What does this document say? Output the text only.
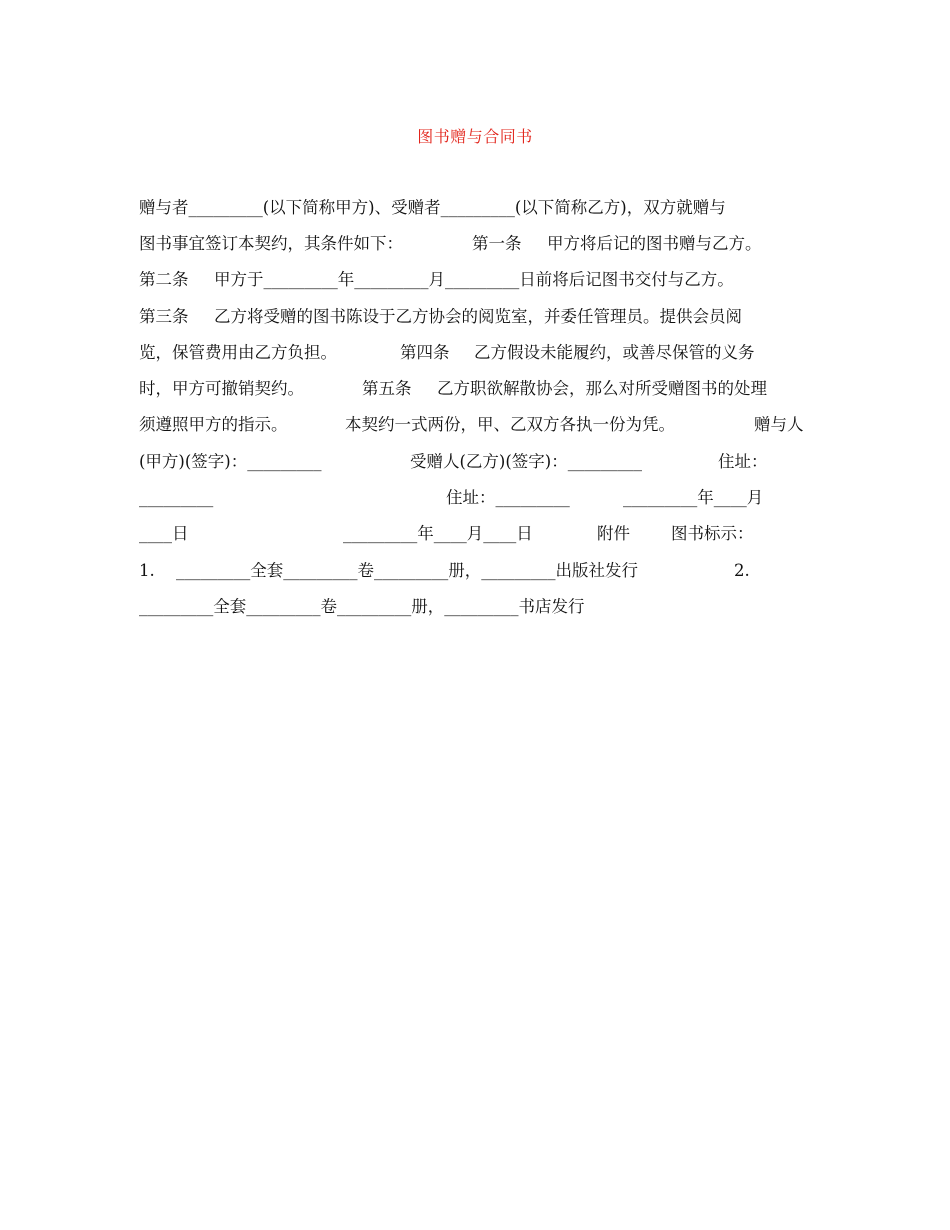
图书赠与合同书

赠与者_________(以下简称甲方)、受赠者_________(以下简称乙方)，双方就赠与

图书事宜签订本契约，其条件如下：

	第一条

甲方将后记的图书赠与乙方。

第二条

甲方于_________年_________月_________日前将后记图书交付与乙方。

第三条

乙方将受赠的图书陈设于乙方协会的阅览室，并委任管理员。提供会员阅

览，保管费用由乙方负担。

	第四条

乙方假设未能履约，或善尽保管的义务

时，甲方可撤销契约。

	第五条

乙方职欲解散协会，那么对所受赠图书的处理

须遵照甲方的指示。

	本契约一式两份，甲、乙双方各执一份为凭。

	赠与人

(甲方)(签字)：_________

	受赠人(乙方)(签字)：_________

	住址：

_________

	住址：_________

	_________年____月

____日

	_________年____月____日

	附件

图书标示：

1.

_________全套_________卷_________册，_________出版社发行

	2.

_________全套_________卷_________册，_________书店发行
